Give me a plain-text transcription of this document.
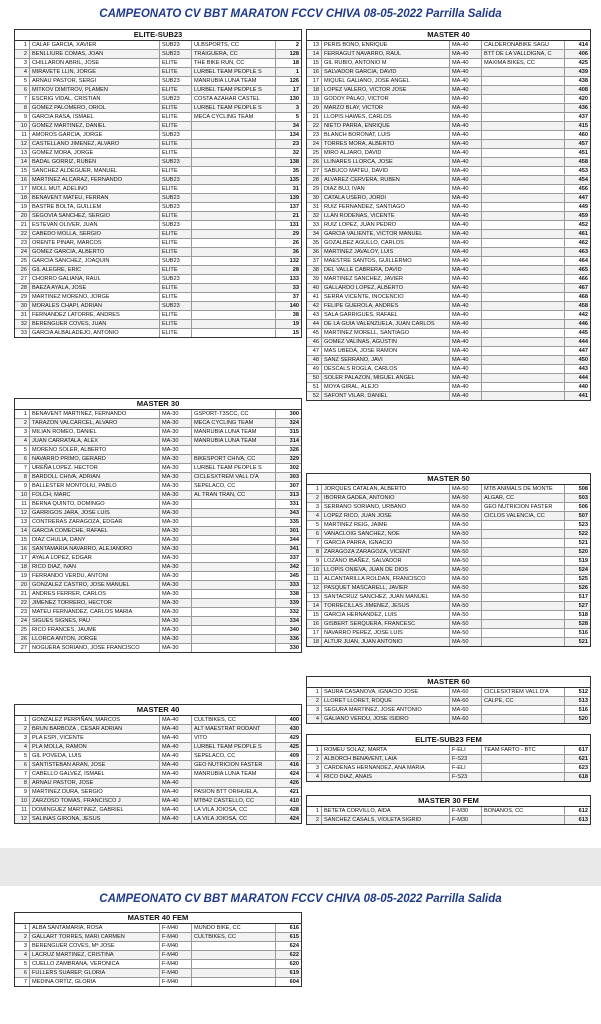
CAMPEONATO CV BBT MARATON FCCV CHIVA 08-05-2022 Parrilla Salida
ELITE-SUB23
1 CALAF GARCIA, XAVIER	SUB23	ULBSPORTS, CC	2
2 BENLLIURE COMAS, JOAN	SUB23	TRAIGUERA, CC	128
3 CHILLARON ABRIL, JOSE	ELITE	THE BIKE RUN, CC	18
4 MIRAVETE LLIN, JORGE	ELITE	LURBEL TEAM PEOPLE S	1
5 ARNAU PASTOR, SERGI	SUB23	MANRUBIA LUNA TEAM	126
6 MITKOV DIMITROV, PLAMEN	ELITE	LURBEL TEAM PEOPLE S	17
7 ESCRIG VIDAL, CRISTIAN	SUB23	COSTA AZAHAR CASTEL	130
8 GOMEZ PALOMERO, ORIOL	ELITE	LURBEL TEAM PEOPLE S	3
9 GARCIA RASA, ISMAEL	ELITE	MECA CYCLING TEAM	5
10 GOMEZ MARTINEZ, DANIEL	ELITE	34
11 AMOROS GARCIA, JORGE	SUB23	134
12 CASTELLANO JIMENEZ, ALVARO	ELITE	23
13 GOMEZ MORA, JORGE	ELITE	32
14 BADAL GORRIZ, RUBEN	SUB23	138
15 SANCHEZ ALDEGUER, MANUEL	ELITE	35
16 MARTINEZ ALCARAZ, FERNANDO	SUB23	135
17 MOLL MUT, ADELINO	ELITE	31
18 BENAVENT MATEU, FERRAN	SUB23	139
19 BASTRE BOLTA, GUILLEM	SUB23	137
20 SEGOVIA SANCHEZ, SERGIO	ELITE	21
21 ESTEVAN OLIVER, JUAN	SUB23	131
22 CABEDO MOLLA, SERGIO	ELITE	29
23 ORENTE PINAR, MARCOS	ELITE	26
24 GOMEZ GARCIA, ALBERTO	ELITE	36
25 GARCIA SANCHEZ, JOAQUIN	SUB23	132
26 GIL ALEGRE, ERIC	ELITE	28
27 CHORRO GALIANA, RAUL	SUB23	133
28 BAEZA AYALA, JOSE	ELITE	33
29 MARTINEZ MORENO, JORGE	ELITE	37
30 MORALES CHAPI, ADRIAN	SUB23	140
31 FERNANDEZ LATORRE, ANDRES	ELITE	38
32 BERENGUER COVES, JUAN	ELITE	19
33 GARCIA ALBALADEJO, ANTONIO	ELITE	15
MASTER 30
1 BENAVENT MARTINEZ, FERNANDO	MA-30	GSPORT-T3SCC, CC	300
2 TARAZON VALCARCEL, ALVARO	MA-30	MECA CYCLING TEAM	324
3 MILIAN ROMEO, DANIEL	MA-30	MANRUBIA LUNA TEAM	315
4 JUAN CARRATALA, ALEX	MA-30	MANRUBIA LUNA TEAM	314
5 MORENO SOLER, ALBERTO	MA-30	326
6 NAVARRO PRIMO, GERARD	MA-30	BIKESPORT CHIVA, CC	329
7 UREÑA LOPEZ, HECTOR	MA-30	LURBEL TEAM PEOPLE S	302
8 BARDOLL CHIVA, ADRIAN	MA-30	CICLESXTREM VALL D'A	303
9 BALLESTER MONTOLIU, PABLO	MA-30	SEPELACO, CC	307
10 FOLCH, MARC	MA-30	AL TRAN TRAN, CC	313
11 BERNA QUINTO, DOMINGO	MA-30	331
12 GARRIGOS JARA, JOSE LUIS	MA-30	343
13 CONTRERAS ZARAGOZA, EDGAR	MA-30	335
14 GARCIA COMECHE, RAFAEL	MA-30	301
15 DIAZ CHULIA, DANY	MA-30	344
16 SANTAMARIA NAVARRO, ALEJANDRO	MA-30	341
17 AYALA LOPEZ, EDGAR	MA-30	337
18 RICO DIAZ, IVAN	MA-30	342
19 FERRANDO VERDU, ANTONI	MA-30	345
20 GONZALEZ CASTRO, JOSE MANUEL	MA-30	333
21 ANDRES FERRER, CARLOS	MA-30	338
22 JIMENEZ TORRERO, HECTOR	MA-30	339
23 MATEU FERNANDEZ, CARLOS MARIA	MA-30	332
24 SIGUES SIGNES, PAU	MA-30	334
25 RICO FRANCES, JAUME	MA-30	340
26 LLORCA ANTON, JORGE	MA-30	336
27 NOGUERA SORIANO, JOSE FRANCISCO	MA-30	330
MASTER 40
1 GONZALEZ PERPIÑAN, MARCOS	MA-40	CULTBIKES, CC	400
2 BRUN BARBOZA , CESAR ADRIAN	MA-40	ALT MAESTRAT RODANT	430
3 PLA ESPI, VICENTE	MA-40	VITO	429
4 PLA MOLLA, RAMON	MA-40	LURBEL TEAM PEOPLE S	425
5 GIL POVEDA, LUIS	MA-40	SEPELACO, CC	409
6 SANTISTEBAN ARAN, JOSE	MA-40	GEO NUTRICION FASTER	416
7 CABELLO GALVEZ, ISMAEL	MA-40	MANRUBIA LUNA TEAM	424
8 ARNAU PASTOR, JOSE	MA-40	426
9 MARTINEZ DURA, SERGIO	MA-40	PASION BTT ORIHUELA,	421
10 ZARZOSO TOMAS, FRANCISCO J	MA-40	MTB42 CASTELLO, CC	410
11 DOMINGUEZ MARTINEZ, GABRIEL	MA-40	LA VILA JOIOSA, CC	428
12 SALINAS GIRONA, JESUS	MA-40	LA VILA JOIOSA, CC	424
MASTER 40
13 PERIS BONO, ENRIQUE	MA-40	CALDERONABIKE SAGU	414
14 FERRAGUT NAVARRO, RAUL	MA-40	BTT DE LA VALLDIGNA, C	406
15 GIL RUBIO, ANTONIO M	MA-40	MAXIMA BIKES, CC	425
16 SALVADOR GARCIA, DAVID	MA-40	439
17 MIQUEL GALIANO, JOSE ANGEL	MA-40	438
18 LOPEZ VALERO, VICTOR JOSE	MA-40	408
19 GODOY PALAO, VICTOR	MA-40	420
20 MARZO BLAY, VICTOR	MA-40	436
21 LLOPIS HAWES, CARLOS	MA-40	437
22 NIETO PARRA, ENRIQUE	MA-40	415
23 BLANCH BORONAT, LUIS	MA-40	460
24 TORRES MORA, ALBERTO	MA-40	457
25 MIRO ALJARO, DAVID	MA-40	451
26 LLINARES LLORCA, JOSE	MA-40	458
27 SABUCO MATEU, DAVID	MA-40	453
28 ALVAREZ CERVERA, RUBEN	MA-40	454
29 DIAZ BUJ, IVAN	MA-40	456
30 CATALA USERO, JORDI	MA-40	447
31 RUIZ FERNANDEZ, SANTIAGO	MA-40	449
32 LLAN RODENAS, VICENTE	MA-40	459
33 RUIZ LOPEZ, JUAN PEDRO	MA-40	452
34 GARCIA VALIENTE, VICTOR MANUEL	MA-40	461
35 GOZALBEZ AGULLO, CARLOS	MA-40	462
36 MARTINEZ JAVALOY, LUIS	MA-40	463
37 MAESTRE SANTOS, GUILLERMO	MA-40	464
38 DEL VALLE CABRERA, DAVID	MA-40	465
39 MARTINEZ SANCHEZ, JAVIER	MA-40	466
40 GALLARDO LOPEZ, ALBERTO	MA-40	467
41 SERRA VICENTE, INOCENCIO	MA-40	468
42 FELIPE GUEROLA, ANDRES	MA-40	458
43 SALA GARRIGUES, RAFAEL	MA-40	442
44 DE LA GUIA VALENZUELA, JUAN CARLOS	MA-40	446
45 MARTINEZ MORELL, SANTIAGO	MA-40	445
46 GOMEZ VALINAS, AGUSTIN	MA-40	444
47 MAS UBEDA, JOSE RAMON	MA-40	447
48 SANZ SERRANO, JAVI	MA-40	450
49 DESCALS ROGLA, CARLOS	MA-40	443
50 SOLER PALAZON, MIGUEL ANGEL	MA-40	444
51 MOYA GIRAL, ALEJO	MA-40	440
52 SAFONT VILAR, DANIEL	MA-40	441
MASTER 50
1 JORQUES CATALAN, ALBERTO	MA-50	MTB ANIMALS DE MONTE	508
2 IBORRA GADEA, ANTONIO	MA-50	ALGAR, CC	503
3 SERRANO SORIANO, URBANO	MA-50	GEO NUTRICION FASTER	506
4 LOPEZ RICO, JUAN JOSE	MA-50	CICLOS VALENCIA, CC	507
5 MARTINEZ REIG, JAIME	MA-50	523
6 VANACLOIG SANCHEZ, NOE	MA-50	522
7 GARCIA PARRA, IGNACIO	MA-50	521
8 ZARAGOZA ZARAGOZA, VICENT	MA-50	520
9 LOZANO IBAÑEZ, SALVADOR	MA-50	519
10 LLOPIS ONIEVA, JUAN DE DIOS	MA-50	524
11 ALCANTARILLA ROLDAN, FRANCISCO	MA-50	525
12 PASQUET MASCARELL, JAVIER	MA-50	526
13 SANTACRUZ SANCHEZ, JUAN MANUEL	MA-50	517
14 TORRECILLAS JIMENEZ, JESUS	MA-50	527
15 GARCIA HERNANDEZ, LUIS	MA-50	518
16 GISBERT SERQUERA, FRANCESC	MA-50	528
17 NAVARRO PEREZ, JOSE LUIS	MA-50	516
18 ALTUR JUAN, JUAN ANTONIO	MA-50	521
MASTER 60
1 SAURA CASANOVA, IGNACIO JOSE	MA-60	CICLESXTREM VALL D'A	512
2 LLORET LLORET, ROQUE	MA-60	CALPE, CC	513
3 SEGURA MARTINEZ, JOSE ANTONIO	MA-60	516
4 GALIANO VERDU, JOSE ISIDRO	MA-60	520
ELITE-SUB23 FEM
1 ROMEU SOLAZ, MARTA	F-ELI	TEAM FARTO - BTC	617
2 ALBORCH BENAVENT, LAIA	F-S23	621
3 CARDENAS HERNANDEZ, ANA MARIA	F-ELI	623
4 RICO DIAZ, ANAIS	F-S23	618
MASTER 30 FEM
1 BETETA CORVILLO, AIDA	F-M30	BONANOS, CC	612
2 SANCHEZ CASALS, VIOLETA SIGRID	F-M30	613
CAMPEONATO CV BBT MARATON FCCV CHIVA 08-05-2022 Parrilla Salida
MASTER 40 FEM
1 ALBA SANTAMARIA, ROSA	F-M40	MUNDO BIKE, CC	616
2 GALLART TORRES, MARI CARMEN	F-M40	CULTBIKES, CC	615
3 BERENGUER COVES, Mª JOSE	F-M40	624
4 LACRUZ MARTINEZ, CRISTINA	F-M40	622
5 CUELLO ZAMBRANA, VERONICA	F-M40	620
6 FULLERS SUAREP, GLORIA	F-M40	619
7 MEDINA ORTIZ, GLORIA	F-M40	604
